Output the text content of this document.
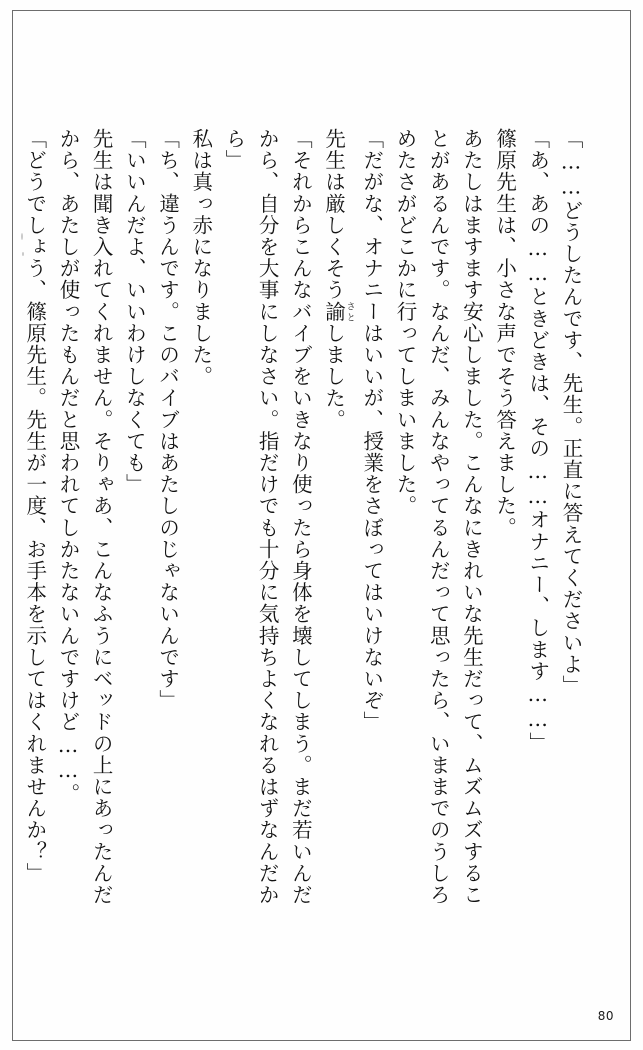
「……どうしたんです、先生。正直に答えてくださいよ」

「あ、あの……ときどきは、その……オナニー、します……」

篠原先生は、小さな声でそう答えました。

あたしはますます安心しました。こんなにきれいな先生だって、ムズムズすることがあるんです。なんだ、みんなやってるんだって思ったら、いままでのうしろめたさがどこかに行ってしまいました。

「だがな、オナニーはいいが、授業をさぼってはいけないぞ」

先生は厳しくそう諭 さとしました。

「それからこんなバイブをいきなり使ったら身体を壊してしまう。まだ若いんだから、自分を大事にしなさい。指だけでも十分に気持ちよくなれるはずなんだから」

私は真っ赤になりました。

「ち、違うんです。このバイブはあたしのじゃないんです」

「いいんだよ、いいわけしなくても」

先生は聞き入れてくれません。そりゃあ、こんなふうにベッドの上にあったんだから、あたしが使ったもんだと思われてしかたないんですけど……。

「どうでしょう、篠原先生。先生が一度、お手本を示してはくれませんか？」

80
